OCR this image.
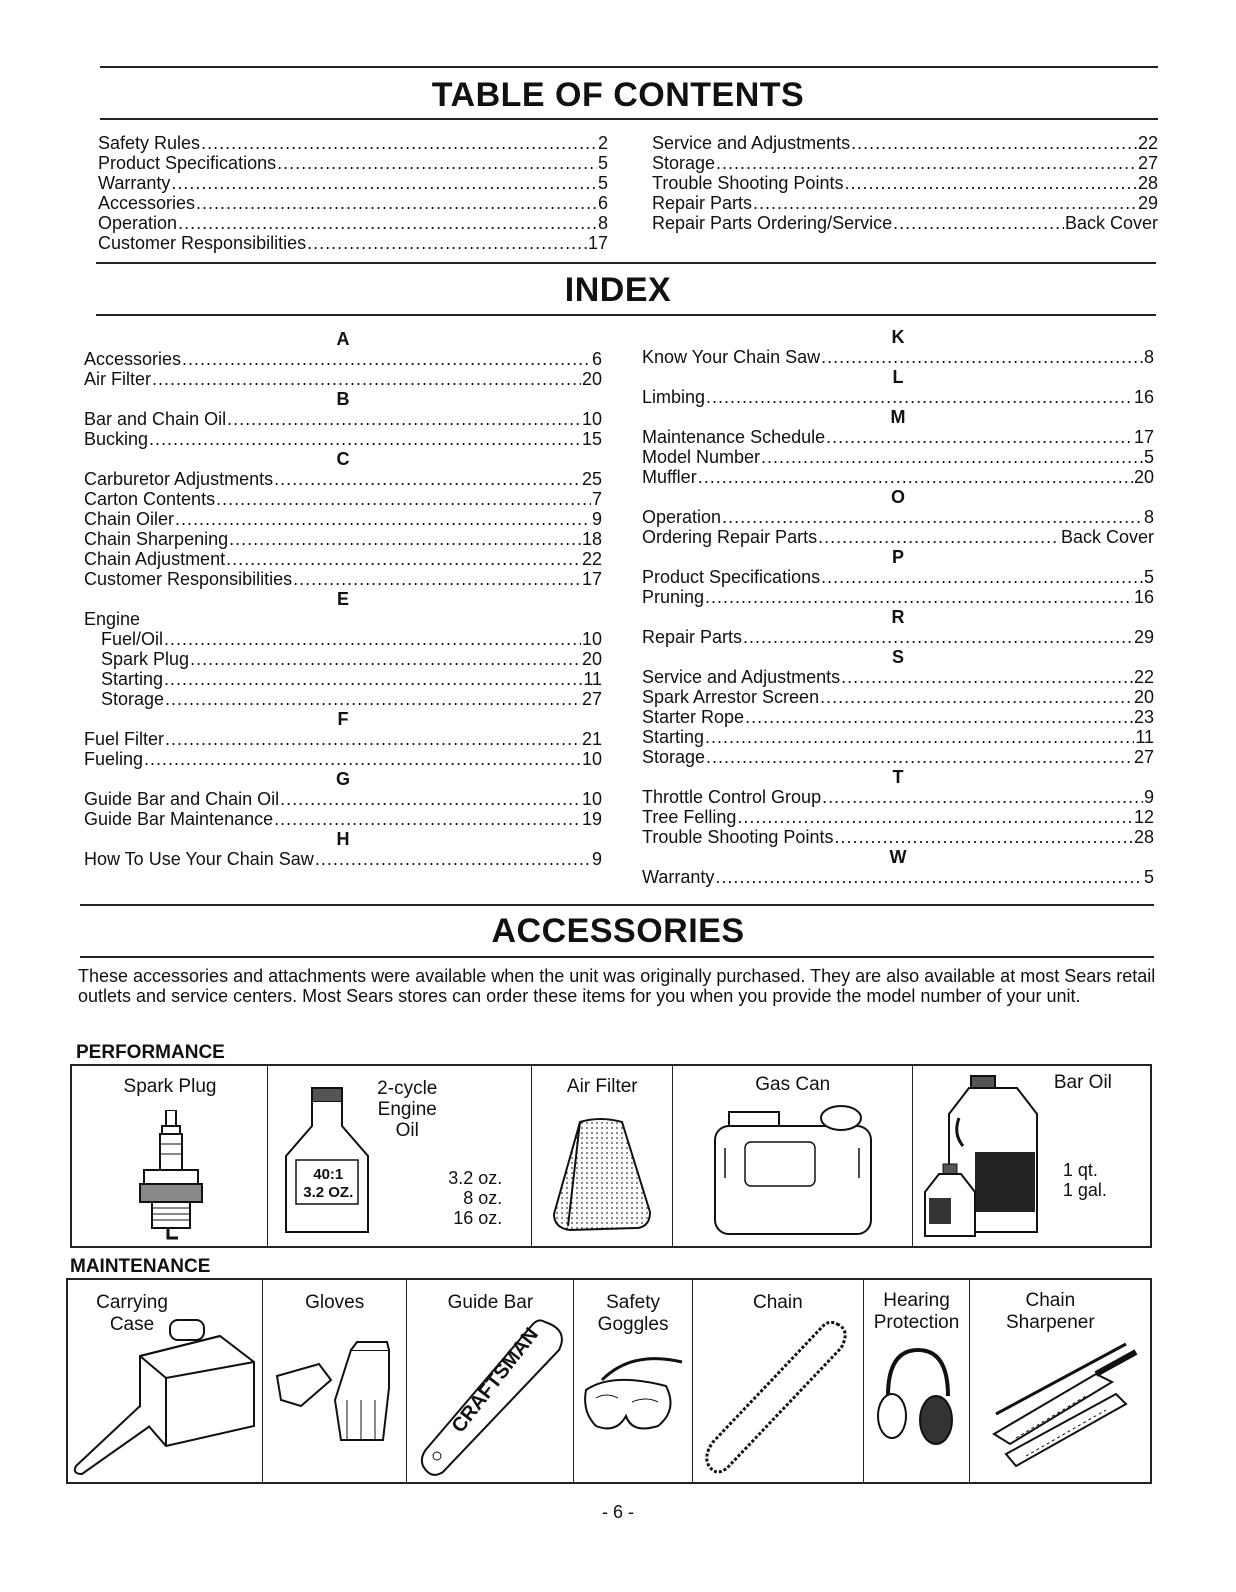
TABLE OF CONTENTS
Safety Rules .....	2
Product Specifications .....	5
Warranty .....	5
Accessories .....	6
Operation .....	8
Customer Responsibilities .....	17
Service and Adjustments .....	22
Storage .....	27
Trouble Shooting Points .....	28
Repair Parts .....	29
Repair Parts Ordering/Service .....	Back Cover
INDEX
A
Accessories .....	6
Air Filter .....	20
B
Bar and Chain Oil .....	10
Bucking .....	15
C
Carburetor Adjustments .....	25
Carton Contents .....	7
Chain Oiler .....	9
Chain Sharpening .....	18
Chain Adjustment .....	22
Customer Responsibilities .....	17
E
Engine
Fuel/Oil .....	10
Spark Plug .....	20
Starting .....	11
Storage .....	27
F
Fuel Filter .....	21
Fueling .....	10
G
Guide Bar and Chain Oil .....	10
Guide Bar Maintenance .....	19
H
How To Use Your Chain Saw .....	9
K
Know Your Chain Saw .....	8
L
Limbing .....	16
M
Maintenance Schedule .....	17
Model Number .....	5
Muffler .....	20
O
Operation .....	8
Ordering Repair Parts .....	Back Cover
P
Product Specifications .....	5
Pruning .....	16
R
Repair Parts .....	29
S
Service and Adjustments .....	22
Spark Arrestor Screen .....	20
Starter Rope .....	23
Starting .....	11
Storage .....	27
T
Throttle Control Group .....	9
Tree Felling .....	12
Trouble Shooting Points .....	28
W
Warranty .....	5
ACCESSORIES
These accessories and attachments were available when the unit was originally purchased. They are also available at most Sears retail outlets and service centers. Most Sears stores can order these items for you when you provide the model number of your unit.
PERFORMANCE
Spark Plug	2-cycle
Engine
Oil
40:1
3.2 OZ.
3.2 oz.
8 oz.
16 oz.
Air Filter	Gas Can	Bar Oil
1 qt.
1 gal.
MAINTENANCE
Carrying
Case
Gloves	Guide Bar
CRAFTSMAN
Safety
Goggles
Chain	Hearing
Protection
Chain
Sharpener
- 6 -
